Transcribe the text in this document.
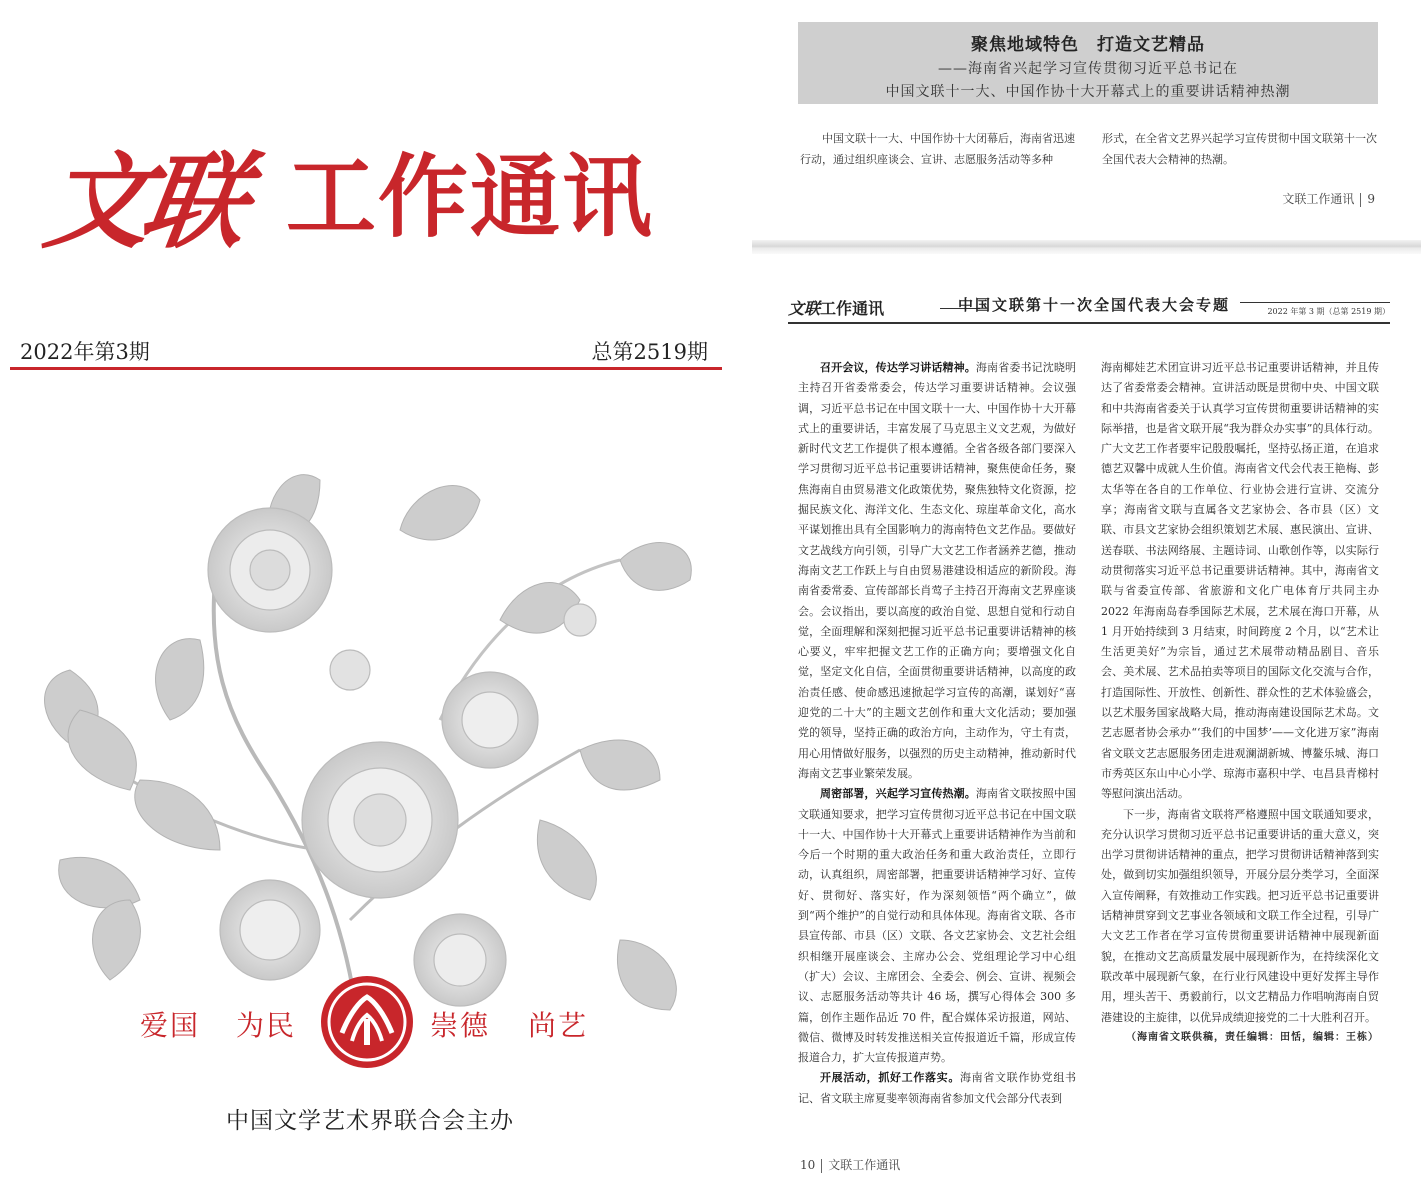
文联 工作通讯
2022年第3期	总第2519期
爱国 为民	崇德 尚艺
中国文学艺术界联合会主办
聚焦地域特色　打造文艺精品
——海南省兴起学习宣传贯彻习近平总书记在
中国文联十一大、中国作协十大开幕式上的重要讲话精神热潮
中国文联十一大、中国作协十大闭幕后，海南省迅速行动，通过组织座谈会、宣讲、志愿服务活动等多种
形式，在全省文艺界兴起学习宣传贯彻中国文联第十一次全国代表大会精神的热潮。
文联工作通讯 9
文联工作通讯	中国文联第十一次全国代表大会专题	2022 年第 3 期（总第 2519 期）

召开会议，传达学习讲话精神。海南省委书记沈晓明主持召开省委常委会，传达学习重要讲话精神。会议强调，习近平总书记在中国文联十一大、中国作协十大开幕式上的重要讲话，丰富发展了马克思主义文艺观，为做好新时代文艺工作提供了根本遵循。全省各级各部门要深入学习贯彻习近平总书记重要讲话精神，聚焦使命任务，聚焦海南自由贸易港文化政策优势，聚焦独特文化资源，挖掘民族文化、海洋文化、生态文化、琼崖革命文化，高水平谋划推出具有全国影响力的海南特色文艺作品。要做好文艺战线方向引领，引导广大文艺工作者涵养艺德，推动海南文艺工作跃上与自由贸易港建设相适应的新阶段。海南省委常委、宣传部部长肖莺子主持召开海南文艺界座谈会。会议指出，要以高度的政治自觉、思想自觉和行动自觉，全面理解和深刻把握习近平总书记重要讲话精神的核心要义，牢牢把握文艺工作的正确方向；要增强文化自觉，坚定文化自信，全面贯彻重要讲话精神，以高度的政治责任感、使命感迅速掀起学习宣传的高潮，谋划好“喜迎党的二十大”的主题文艺创作和重大文化活动；要加强党的领导，坚持正确的政治方向，主动作为，守土有责，用心用情做好服务，以强烈的历史主动精神，推动新时代海南文艺事业繁荣发展。

周密部署，兴起学习宣传热潮。海南省文联按照中国文联通知要求，把学习宣传贯彻习近平总书记在中国文联十一大、中国作协十大开幕式上重要讲话精神作为当前和今后一个时期的重大政治任务和重大政治责任，立即行动，认真组织，周密部署，把重要讲话精神学习好、宣传好、贯彻好、落实好，作为深刻领悟“两个确立”，做到“两个维护”的自觉行动和具体体现。海南省文联、各市县宣传部、市县（区）文联、各文艺家协会、文艺社会组织相继开展座谈会、主席办公会、党组理论学习中心组（扩大）会议、主席团会、全委会、例会、宣讲、视频会议、志愿服务活动等共计 46 场，撰写心得体会 300 多篇，创作主题作品近 70 件，配合媒体采访报道，网站、微信、微博及时转发推送相关宣传报道近千篇，形成宣传报道合力，扩大宣传报道声势。

开展活动，抓好工作落实。海南省文联作协党组书记、省文联主席夏斐率领海南省参加文代会部分代表到

海南椰娃艺术团宣讲习近平总书记重要讲话精神，并且传达了省委常委会精神。宣讲活动既是贯彻中央、中国文联和中共海南省委关于认真学习宣传贯彻重要讲话精神的实际举措，也是省文联开展“我为群众办实事”的具体行动。广大文艺工作者要牢记殷殷嘱托，坚持弘扬正道，在追求德艺双馨中成就人生价值。海南省文代会代表王艳梅、彭太华等在各自的工作单位、行业协会进行宣讲、交流分享；海南省文联与直属各文艺家协会、各市县（区）文联、市县文艺家协会组织策划艺术展、惠民演出、宣讲、送春联、书法网络展、主题诗词、山歌创作等，以实际行动贯彻落实习近平总书记重要讲话精神。其中，海南省文联与省委宣传部、省旅游和文化广电体育厅共同主办 2022 年海南岛春季国际艺术展，艺术展在海口开幕，从 1 月开始持续到 3 月结束，时间跨度 2 个月，以“艺术让生活更美好”为宗旨，通过艺术展带动精品剧目、音乐会、美术展、艺术品拍卖等项目的国际文化交流与合作，打造国际性、开放性、创新性、群众性的艺术体验盛会，以艺术服务国家战略大局，推动海南建设国际艺术岛。文艺志愿者协会承办“‘我们的中国梦’——文化进万家”海南省文联文艺志愿服务团走进观澜湖新城、博鳌乐城、海口市秀英区东山中心小学、琼海市嘉积中学、屯昌县青梯村等慰问演出活动。

下一步，海南省文联将严格遵照中国文联通知要求，充分认识学习贯彻习近平总书记重要讲话的重大意义，突出学习贯彻讲话精神的重点，把学习贯彻讲话精神落到实处，做到切实加强组织领导，开展分层分类学习，全面深入宣传阐释，有效推动工作实践。把习近平总书记重要讲话精神贯穿到文艺事业各领域和文联工作全过程，引导广大文艺工作者在学习宣传贯彻重要讲话精神中展现新面貌，在推动文艺高质量发展中展现新作为，在持续深化文联改革中展现新气象，在行业行风建设中更好发挥主导作用，埋头苦干、勇毅前行，以文艺精品力作唱响海南自贸港建设的主旋律，以优异成绩迎接党的二十大胜利召开。

（海南省文联供稿，责任编辑：田恬，编辑：王栋）
10 文联工作通讯
